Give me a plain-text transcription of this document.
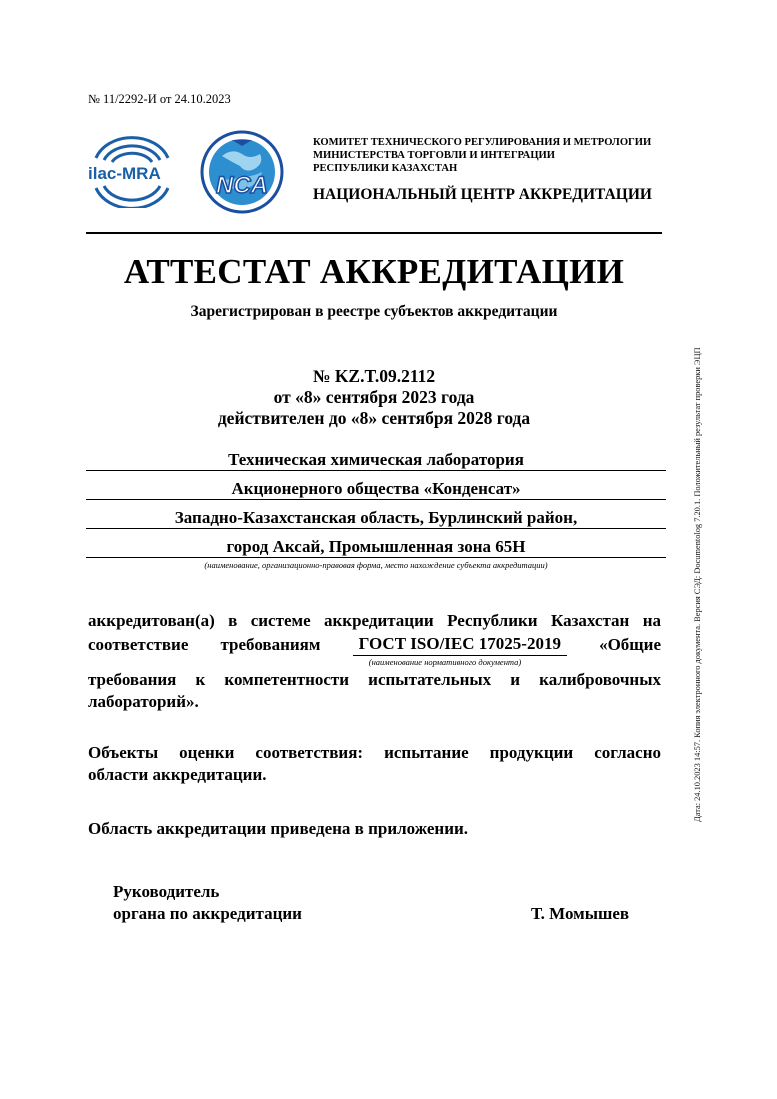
№ 11/2292-И от 24.10.2023
ilac-MRA	NCA
КОМИТЕТ ТЕХНИЧЕСКОГО РЕГУЛИРОВАНИЯ И МЕТРОЛОГИИ
МИНИСТЕРСТВА ТОРГОВЛИ И ИНТЕГРАЦИИ
РЕСПУБЛИКИ КАЗАХСТАН
НАЦИОНАЛЬНЫЙ ЦЕНТР АККРЕДИТАЦИИ
АТТЕСТАТ АККРЕДИТАЦИИ
Зарегистрирован в реестре субъектов аккредитации
№ KZ.T.09.2112
от «8» сентября 2023 года
действителен до «8» сентября 2028 года
Техническая химическая лаборатория
Акционерного общества «Конденсат»
Западно-Казахстанская область, Бурлинский район,
город Аксай, Промышленная зона 65Н
(наименование, организационно-правовая форма, место нахождение субъекта аккредитации)
аккредитован(а) в системе аккредитации Республики Казахстан на
соответствие требованиям	ГОСТ ISO/IEC 17025-2019	«Общие
(наименование нормативного документа)
требования к компетентности испытательных и калибровочных
лабораторий».
Объекты оценки соответствия: испытание продукции согласно
области аккредитации.
Область аккредитации приведена в приложении.
Руководитель
органа по аккредитации	Т. Момышев
Дата: 24.10.2023 14:57. Копия электронного документа. Версия СЭД: Documentolog 7.20.1. Положительный результат проверки ЭЦП
